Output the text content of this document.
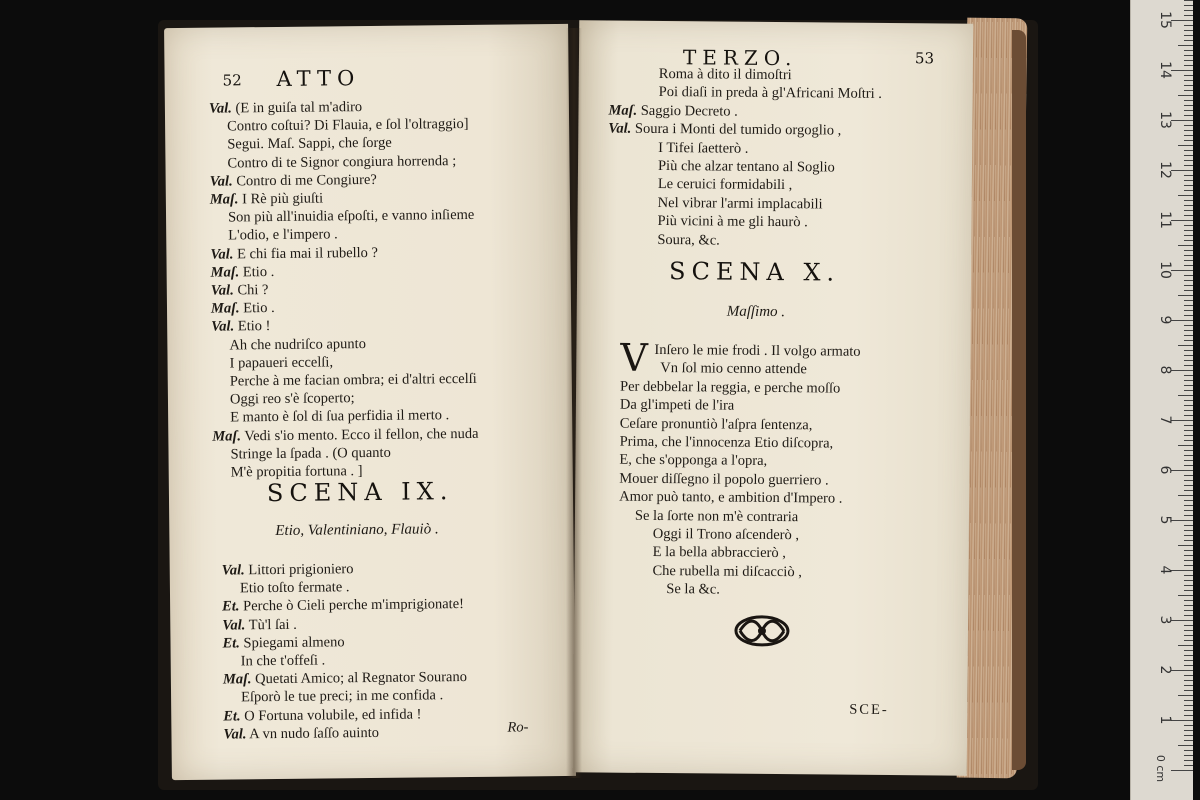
52 ATTO
Val. (E in guiſa tal m'adiro
Contro coſtui? Di Flauia, e ſol l'oltraggio]
Segui. Maſ. Sappi, che ſorge
Contro di te Signor congiura horrenda ;
Val. Contro di me Congiure?
Maſ. I Rè più giuſti
Son più all'inuidia eſpoſti, e vanno inſieme
L'odio, e l'impero .
Val. E chi fia mai il rubello ?
Maſ. Etio .
Val. Chi ?
Maſ. Etio .
Val. Etio !
Ah che nudriſco apunto
I papaueri eccelſi,
Perche à me facian ombra; ei d'altri eccelſi
Oggi reo s'è ſcoperto;
E manto è ſol di ſua perfidia il merto .
Maſ. Vedi s'io mento. Ecco il fellon, che nuda
Stringe la ſpada . (O quanto
M'è propitia fortuna . ]
SCENA IX.
Etio, Valentiniano, Flauiò .
Val. Littori prigioniero
Etio toſto fermate .
Et. Perche ò Cieli perche m'imprigionate!
Val. Tù'l ſai .
Et. Spiegami almeno
In che t'offeſi .
Maſ. Quetati Amico; al Regnator Sourano
Eſporò le tue preci; in me confida .
Et. O Fortuna volubile, ed infida !
Val. A vn nudo ſaſſo auinto	Ro-
TERZO.	53
Roma à dito il dimoſtri
Poi diaſi in preda à gl'Africani Moſtri .
Maſ. Saggio Decreto .
Val. Soura i Monti del tumido orgoglio ,
I Tifei ſaetterò .
Più che alzar tentano al Soglio
Le ceruici formidabili ,
Nel vibrar l'armi implacabili
Più vicini à me gli haurò .
Soura, &c.
SCENA X.
Maſſimo .
V Inſero le mie frodi . Il volgo armato
Vn ſol mio cenno attende
Per debbelar la reggia, e perche moſſo
Da gl'impeti de l'ira
Ceſare pronuntiò l'aſpra ſentenza,
Prima, che l'innocenza Etio diſcopra,
E, che s'opponga a l'opra,
Mouer diſſegno il popolo guerriero .
Amor può tanto, e ambition d'Impero .
Se la ſorte non m'è contraria
Oggi il Trono aſcenderò ,
E la bella abbraccierò ,
Che rubella mi diſcacciò ,
Se la &c.
SCE-
0 cm
15
14
13
12
11
10
9
8
7
6
5
4
3
2
1
